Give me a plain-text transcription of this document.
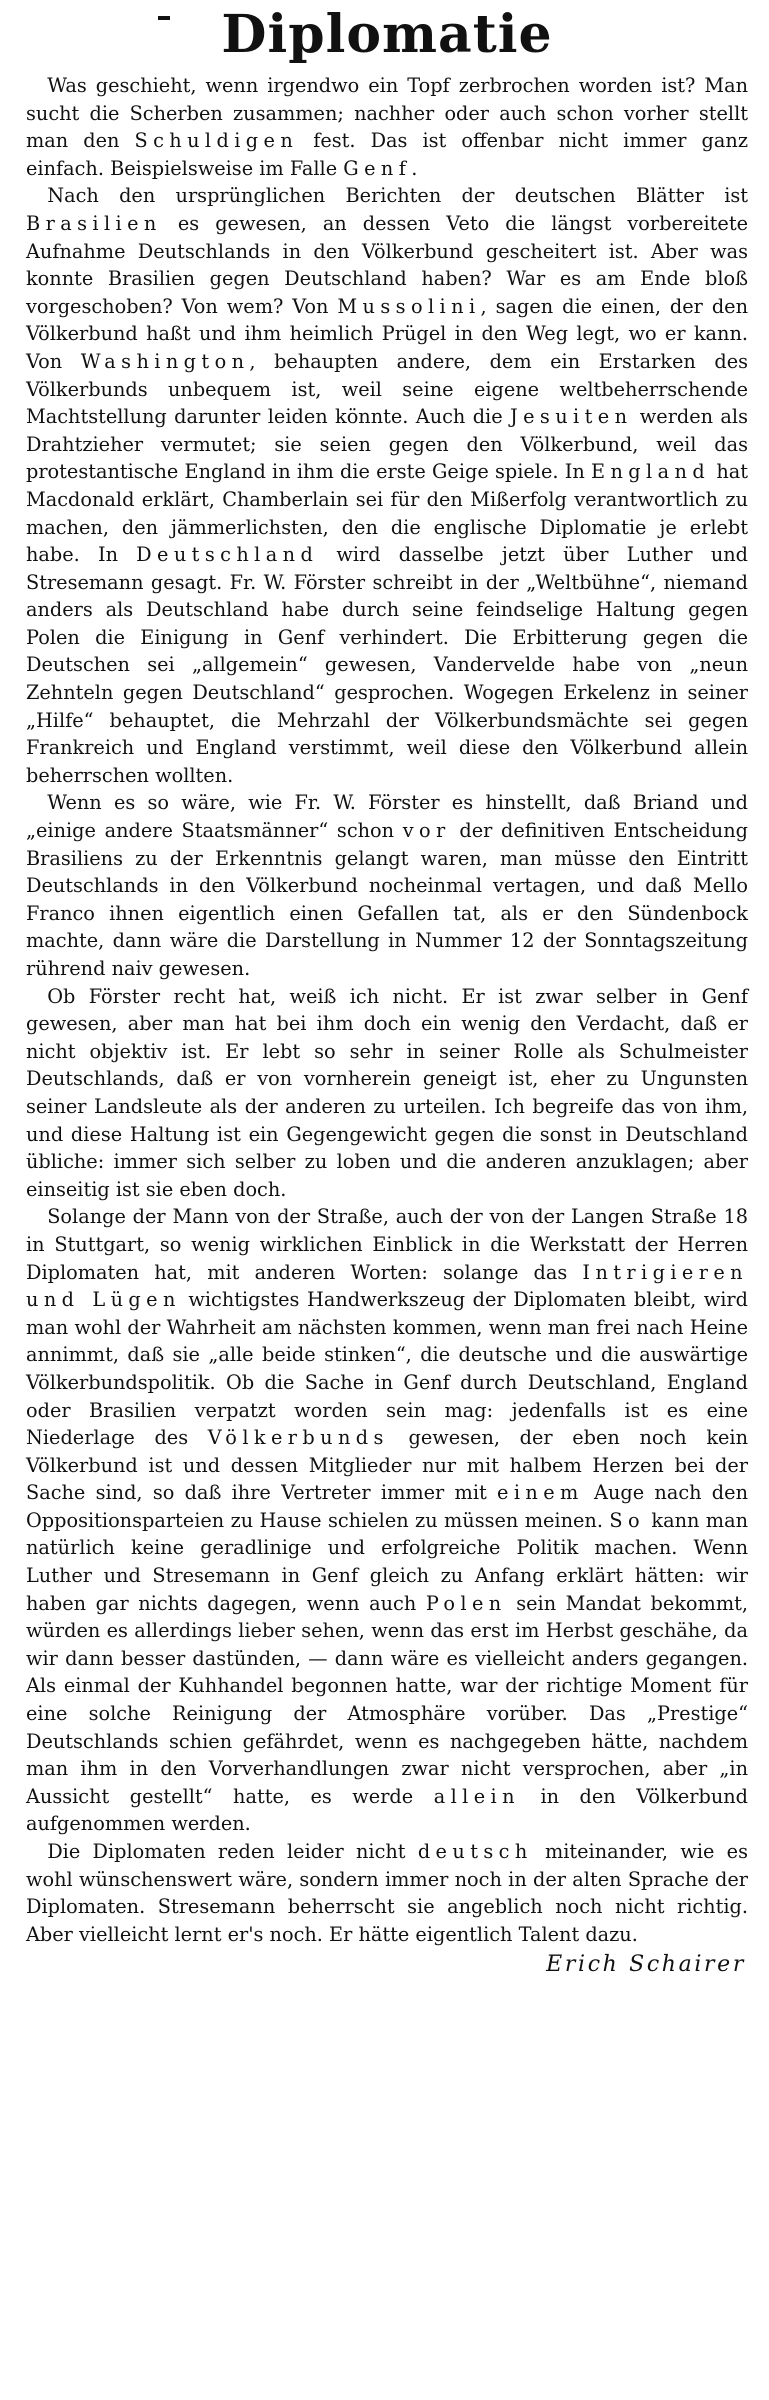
Diplomatie

Was geschieht, wenn irgendwo ein Topf zerbrochen worden ist? Man sucht die Scherben zusammen; nachher oder auch schon vorher stellt man den Schuldigen fest. Das ist offenbar nicht immer ganz einfach. Beispielsweise im Falle Genf.

Nach den ursprünglichen Berichten der deutschen Blätter ist Brasilien es gewesen, an dessen Veto die längst vorbereitete Aufnahme Deutschlands in den Völkerbund gescheitert ist. Aber was konnte Brasilien gegen Deutschland haben? War es am Ende bloß vorgeschoben? Von wem? Von Mussolini, sagen die einen, der den Völkerbund haßt und ihm heimlich Prügel in den Weg legt, wo er kann. Von Washington, behaupten andere, dem ein Erstarken des Völkerbunds unbequem ist, weil seine eigene weltbeherrschende Machtstellung darunter leiden könnte. Auch die Jesuiten werden als Drahtzieher vermutet; sie seien gegen den Völkerbund, weil das protestantische England in ihm die erste Geige spiele. In England hat Macdonald erklärt, Chamberlain sei für den Mißerfolg verantwortlich zu machen, den jämmerlichsten, den die englische Diplomatie je erlebt habe. In Deutschland wird dasselbe jetzt über Luther und Stresemann gesagt. Fr. W. Förster schreibt in der „Weltbühne“, niemand anders als Deutschland habe durch seine feindselige Haltung gegen Polen die Einigung in Genf verhindert. Die Erbitterung gegen die Deutschen sei „allgemein“ gewesen, Vandervelde habe von „neun Zehnteln gegen Deutschland“ gesprochen. Wogegen Erkelenz in seiner „Hilfe“ behauptet, die Mehrzahl der Völkerbundsmächte sei gegen Frankreich und England verstimmt, weil diese den Völkerbund allein beherrschen wollten.

Wenn es so wäre, wie Fr. W. Förster es hinstellt, daß Briand und „einige andere Staatsmänner“ schon vor der definitiven Entscheidung Brasiliens zu der Erkenntnis gelangt waren, man müsse den Eintritt Deutschlands in den Völkerbund nocheinmal vertagen, und daß Mello Franco ihnen eigentlich einen Gefallen tat, als er den Sündenbock machte, dann wäre die Darstellung in Nummer 12 der Sonntagszeitung rührend naiv gewesen.

Ob Förster recht hat, weiß ich nicht. Er ist zwar selber in Genf gewesen, aber man hat bei ihm doch ein wenig den Verdacht, daß er nicht objektiv ist. Er lebt so sehr in seiner Rolle als Schulmeister Deutschlands, daß er von vornherein geneigt ist, eher zu Ungunsten seiner Landsleute als der anderen zu urteilen. Ich begreife das von ihm, und diese Haltung ist ein Gegengewicht gegen die sonst in Deutschland übliche: immer sich selber zu loben und die anderen anzuklagen; aber einseitig ist sie eben doch.

Solange der Mann von der Straße, auch der von der Langen Straße 18 in Stuttgart, so wenig wirklichen Einblick in die Werkstatt der Herren Diplomaten hat, mit anderen Worten: solange das Intrigieren und Lügen wichtigstes Handwerkszeug der Diplomaten bleibt, wird man wohl der Wahrheit am nächsten kommen, wenn man frei nach Heine annimmt, daß sie „alle beide stinken“, die deutsche und die auswärtige Völkerbundspolitik. Ob die Sache in Genf durch Deutschland, England oder Brasilien verpatzt worden sein mag: jedenfalls ist es eine Niederlage des Völkerbunds gewesen, der eben noch kein Völkerbund ist und dessen Mitglieder nur mit halbem Herzen bei der Sache sind, so daß ihre Vertreter immer mit einem Auge nach den Oppositionsparteien zu Hause schielen zu müssen meinen. So kann man natürlich keine geradlinige und erfolgreiche Politik machen. Wenn Luther und Stresemann in Genf gleich zu Anfang erklärt hätten: wir haben gar nichts dagegen, wenn auch Polen sein Mandat bekommt, würden es allerdings lieber sehen, wenn das erst im Herbst geschähe, da wir dann besser dastünden, — dann wäre es vielleicht anders gegangen. Als einmal der Kuhhandel begonnen hatte, war der richtige Moment für eine solche Reinigung der Atmosphäre vorüber. Das „Prestige“ Deutschlands schien gefährdet, wenn es nachgegeben hätte, nachdem man ihm in den Vorverhandlungen zwar nicht versprochen, aber „in Aussicht gestellt“ hatte, es werde allein in den Völkerbund aufgenommen werden.

Die Diplomaten reden leider nicht deutsch miteinander, wie es wohl wünschenswert wäre, sondern immer noch in der alten Sprache der Diplomaten. Stresemann beherrscht sie angeblich noch nicht richtig. Aber vielleicht lernt er's noch. Er hätte eigentlich Talent dazu.

Erich Schairer
